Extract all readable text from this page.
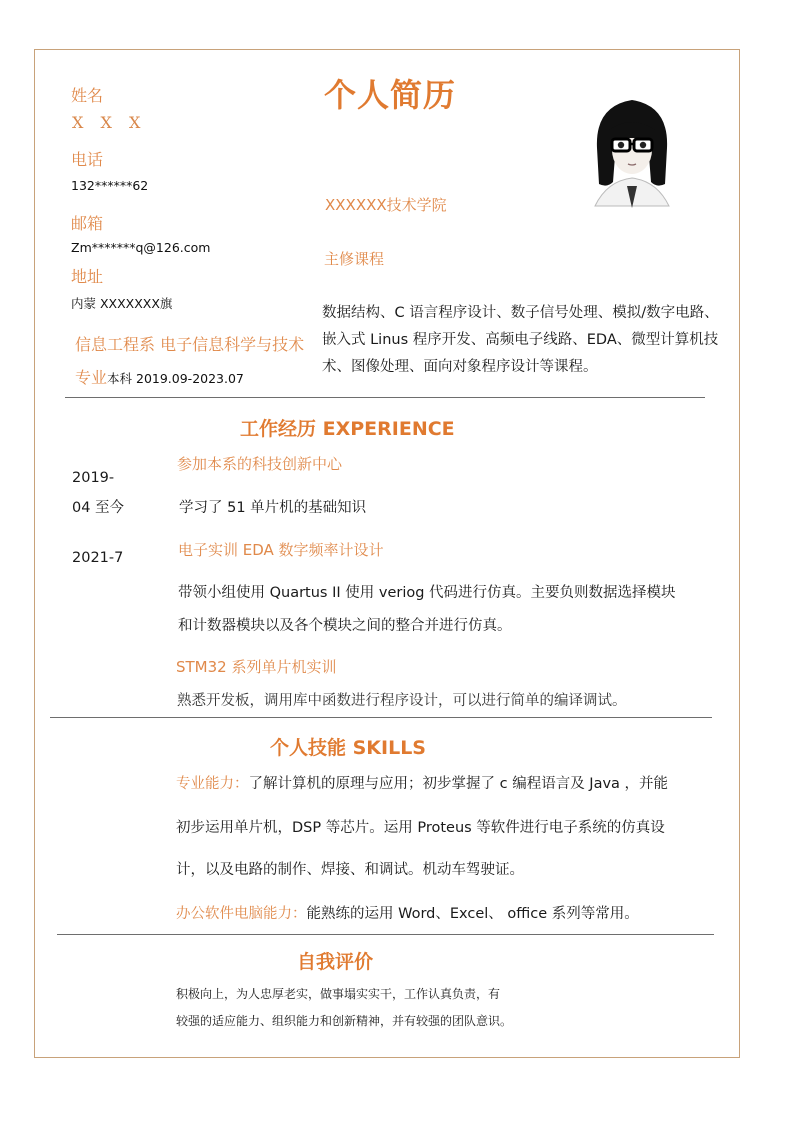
姓名
X X X
电话
132******62
邮箱
Zm*******q@126.com
地址
内蒙 XXXXXXX旗
信息工程系 电子信息科学与技术
专业本科 2019.09-2023.07
个人简历
XXXXXX技术学院
主修课程
数据结构、C 语言程序设计、数子信号处理、模拟/数字电路、嵌入式 Linus 程序开发、高频电子线路、EDA、微型计算机技术、图像处理、面向对象程序设计等课程。
工作经历 EXPERIENCE
参加本系的科技创新中心
2019-
04 至今	学习了 51 单片机的基础知识
2021-7	电子实训 EDA 数字频率计设计
带领小组使用 Quartus II 使用 veriog 代码进行仿真。主要负则数据选择模块
和计数器模块以及各个模块之间的整合并进行仿真。
STM32 系列单片机实训
熟悉开发板，调用库中函数进行程序设计，可以进行简单的编译调试。
个人技能 SKILLS
专业能力：了解计算机的原理与应用；初步掌握了 c 编程语言及 Java ，并能
初步运用单片机，DSP 等芯片。运用 Proteus 等软件进行电子系统的仿真设
计，以及电路的制作、焊接、和调试。机动车驾驶证。
办公软件电脑能力：能熟练的运用 Word、Excel、 office 系列等常用。
自我评价
积极向上，为人忠厚老实，做事塌实实干，工作认真负责，有
较强的适应能力、组织能力和创新精神，并有较强的团队意识。
